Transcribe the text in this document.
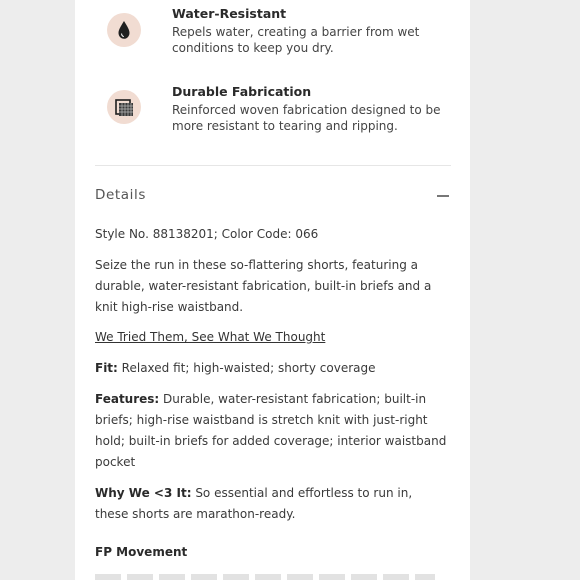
Water-Resistant
Repels water, creating a barrier from wet conditions to keep you dry.
Durable Fabrication
Reinforced woven fabrication designed to be more resistant to tearing and ripping.
Details
Style No. 88138201; Color Code: 066
Seize the run in these so-flattering shorts, featuring a durable, water-resistant fabrication, built-in briefs and a knit high-rise waistband.
We Tried Them, See What We Thought
Fit: Relaxed fit; high-waisted; shorty coverage
Features: Durable, water-resistant fabrication; built-in briefs; high-rise waistband is stretch knit with just-right hold; built-in briefs for added coverage; interior waistband pocket
Why We <3 It: So essential and effortless to run in, these shorts are marathon-ready.
FP Movement
